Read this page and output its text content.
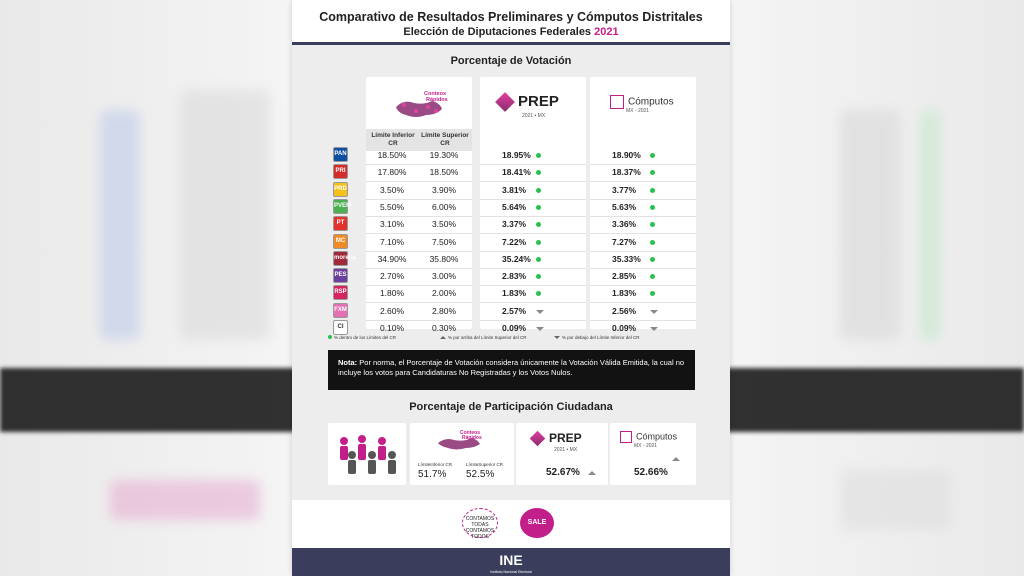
Comparativo de Resultados Preliminares y Cómputos Distritales
Elección de Diputaciones Federales 2021
Porcentaje de Votación
Conteos
Rápidos
Límite Inferior CR
Límite Superior CR
PREP
2021 • MX
Cómputos
MX - 2021
PAN	18.50%	19.30%	18.95%	18.90%
PRI	17.80%	18.50%	18.41%	18.37%
PRD	3.50%	3.90%	3.81%	3.77%
PVEM	5.50%	6.00%	5.64%	5.63%
PT	3.10%	3.50%	3.37%	3.36%
MC	7.10%	7.50%	7.22%	7.27%
morena	34.90%	35.80%	35.24%	35.33%
PES	2.70%	3.00%	2.83%	2.85%
RSP	1.80%	2.00%	1.83%	1.83%
FXM	2.60%	2.80%	2.57%	2.56%
CI	0.10%	0.30%	0.09%	0.09%
% dentro de los Límites del CR	% por arriba del Límite Superior del CR	% por debajo del Límite Inferior del CR
Nota: Por norma, el Porcentaje de Votación considera únicamente la Votación Válida Emitida, la cual no incluye los votos para Candidaturas No Registradas y los Votos Nulos.
Porcentaje de Participación Ciudadana
Conteos
Rápidos
LímiteInferior CR	LímiteSuperior CR
51.7% 52.5%
PREP
2021 • MX
52.67%
Cómputos
MX - 2021
52.66%
CONTAMOS TODAS CONTAMOS TODOS
SALE
INE
Instituto Nacional Electoral
